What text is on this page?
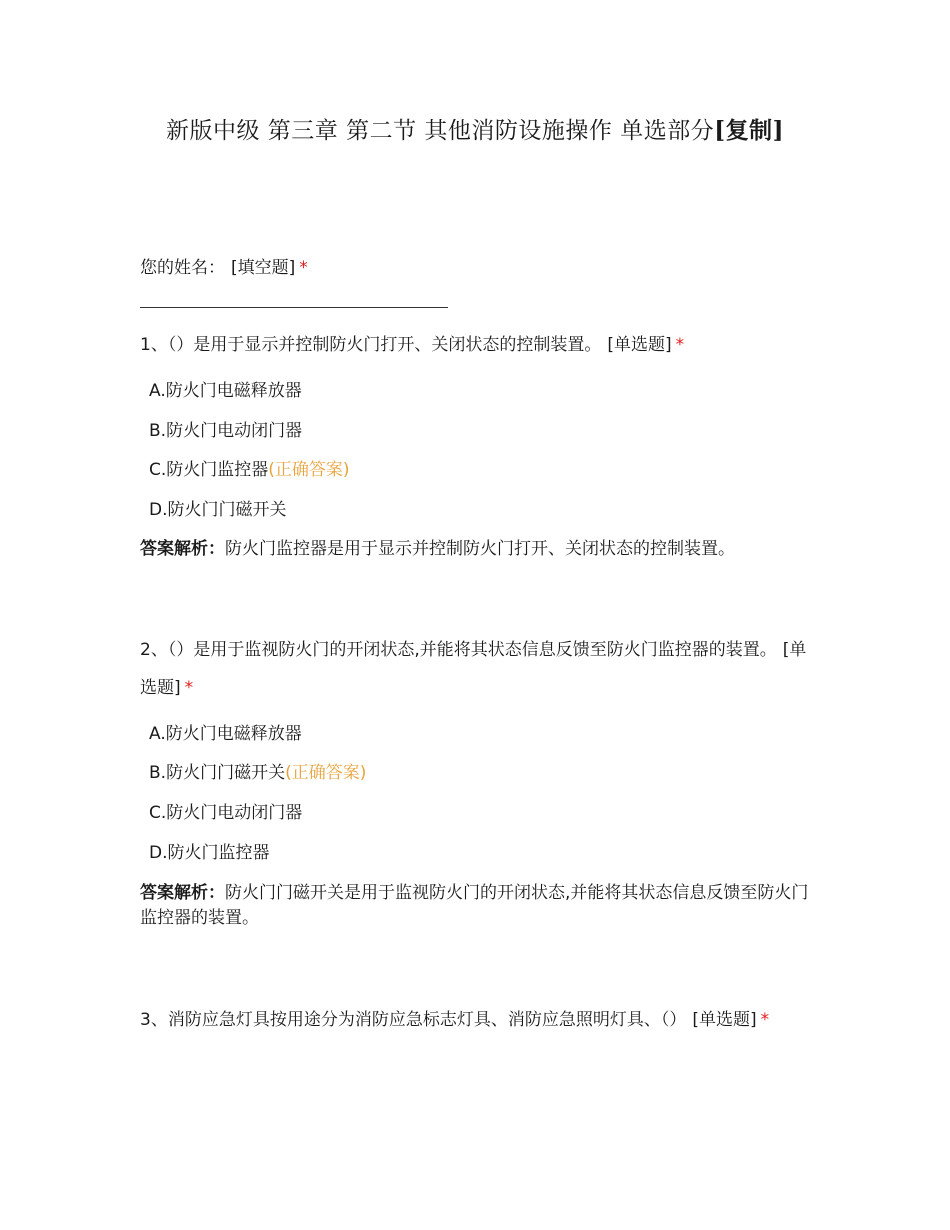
新版中级 第三章 第二节 其他消防设施操作 单选部分[复制]
您的姓名： [填空题] *
1、（）是用于显示并控制防火门打开、关闭状态的控制装置。 [单选题] *
A.防火门电磁释放器
B.防火门电动闭门器
C.防火门监控器(正确答案)
D.防火门门磁开关
答案解析：防火门监控器是用于显示并控制防火门打开、关闭状态的控制装置。
2、（）是用于监视防火门的开闭状态,并能将其状态信息反馈至防火门监控器的装置。 [单选题] *
A.防火门电磁释放器
B.防火门门磁开关(正确答案)
C.防火门电动闭门器
D.防火门监控器
答案解析：防火门门磁开关是用于监视防火门的开闭状态,并能将其状态信息反馈至防火门监控器的装置。
3、消防应急灯具按用途分为消防应急标志灯具、消防应急照明灯具、（） [单选题] *
